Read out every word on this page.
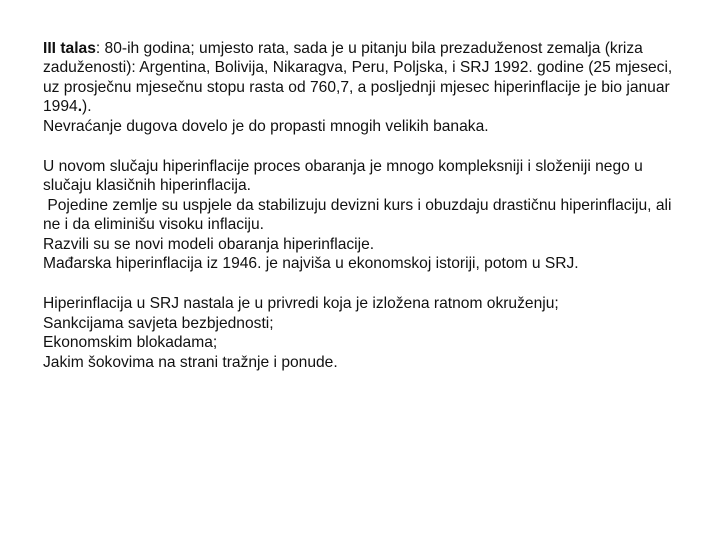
III talas: 80-ih godina; umjesto rata, sada je u pitanju bila prezaduženost zemalja (kriza zaduženosti): Argentina, Bolivija, Nikaragva, Peru, Poljska, i SRJ 1992. godine (25 mjeseci, uz prosječnu mjesečnu stopu rasta od 760,7, a posljednji mjesec hiperinflacije je bio januar 1994.).

Nevraćanje dugova dovelo je do propasti mnogih velikih banaka.

U novom slučaju hiperinflacije proces obaranja je mnogo kompleksniji i složeniji nego u slučaju klasičnih hiperinflacija.

Pojedine zemlje su uspjele da stabilizuju devizni kurs i obuzdaju drastičnu hiperinflaciju, ali ne i da eliminišu visoku inflaciju.

Razvili su se novi modeli obaranja hiperinflacije.

Mađarska hiperinflacija iz 1946. je najviša u ekonomskoj istoriji, potom u SRJ.

Hiperinflacija u SRJ nastala je u privredi koja je izložena ratnom okruženju;

Sankcijama savjeta bezbjednosti;

Ekonomskim blokadama;

Jakim šokovima na strani tražnje i ponude.
